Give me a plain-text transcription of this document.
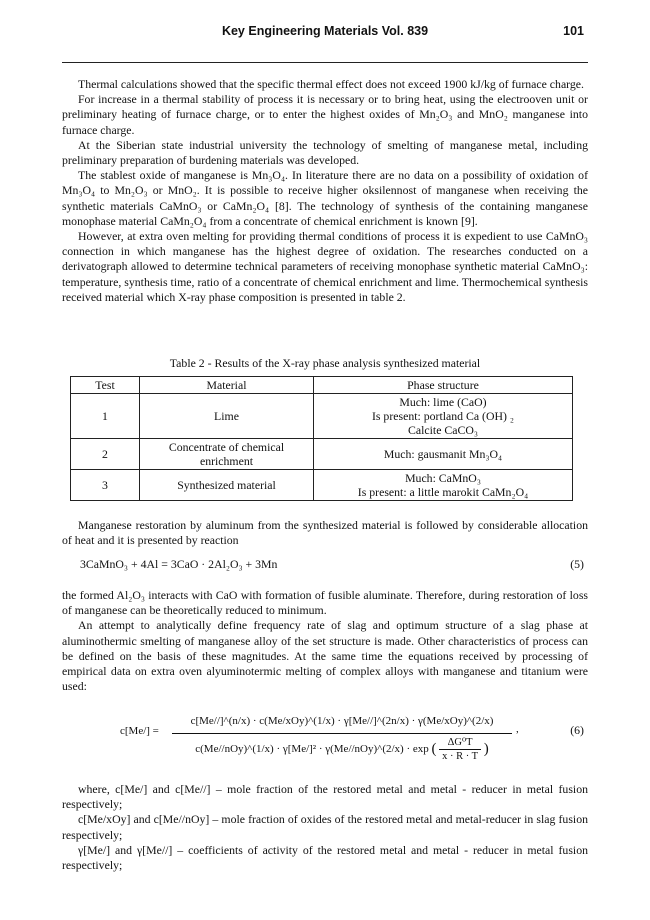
Key Engineering Materials Vol. 839	101

Thermal calculations showed that the specific thermal effect does not exceed 1900 kJ/kg of furnace charge.

For increase in a thermal stability of process it is necessary or to bring heat, using the electrooven unit or preliminary heating of furnace charge, or to enter the highest oxides of Mn₂O₃ and MnO₂ manganese into furnace charge.

At the Siberian state industrial university the technology of smelting of manganese metal, including preliminary preparation of burdening materials was developed.

The stablest oxide of manganese is Mn₃O₄. In literature there are no data on a possibility of oxidation of Mn₃O₄ to Mn₂O₃ or MnO₂. It is possible to receive higher oksilennost of manganese when receiving the synthetic materials CaMnO₃ or CaMn₂O₄ [8]. The technology of synthesis of the containing manganese monophase material CaMn₂O₄ from a concentrate of chemical enrichment is known [9].

However, at extra oven melting for providing thermal conditions of process it is expedient to use CaMnO₃ connection in which manganese has the highest degree of oxidation. The researches conducted on a derivatograph allowed to determine technical parameters of receiving monophase synthetic material CaMnO₃: temperature, synthesis time, ratio of a concentrate of chemical enrichment and lime. Thermochemical synthesis received material which X-ray phase composition is presented in table 2.

Table 2 - Results of the X-ray phase analysis synthesized material
Test	Material	Phase structure
1	Lime	Much: lime (CaO)
Is present: portland Ca (OH) ₂
Calcite CaCO₃

2	Concentrate of chemical enrichment	Much: gausmanit Mn₃O₄

3	Synthesized material	Much: CaMnO₃
Is present: a little marokit CaMn₂O₄

Manganese restoration by aluminum from the synthesized material is followed by considerable allocation of heat and it is presented by reaction

3CaMnO₃ + 4Al = 3CaO · 2Al₂O₃ + 3Mn	(5)

the formed Al₂O₃ interacts with CaO with formation of fusible aluminate. Therefore, during restoration of loss of manganese can be theoretically reduced to minimum.

An attempt to analytically define frequency rate of slag and optimum structure of a slag phase at aluminothermic smelting of manganese alloy of the set structure is made. Other characteristics of process can be defined on the basis of these magnitudes. At the same time the equations received by processing of empirical data on extra oven alyuminotermic melting of complex alloys with manganese and titanium were used:

c[Me/] =
c[Me//]^(n/x) · c(Me/xOy)^(1/x) · γ[Me//]^(2n/x) · γ(Me/xOy)^(2/x)
c(Me//nOy)^(1/x) · γ[Me/]² · γ(Me//nOy)^(2/x) · exp ( $\frac{\text{ΔG⁰T}}{x \cdot R \cdot T}$ )
,	(6)

where, c[Me/] and c[Me//] – mole fraction of the restored metal and metal - reducer in metal fusion respectively;

c[Me/xOy] and c[Me//nOy] – mole fraction of oxides of the restored metal and metal-reducer in slag fusion respectively;

γ[Me/] and γ[Me//] – coefficients of activity of the restored metal and metal - reducer in metal fusion respectively;
